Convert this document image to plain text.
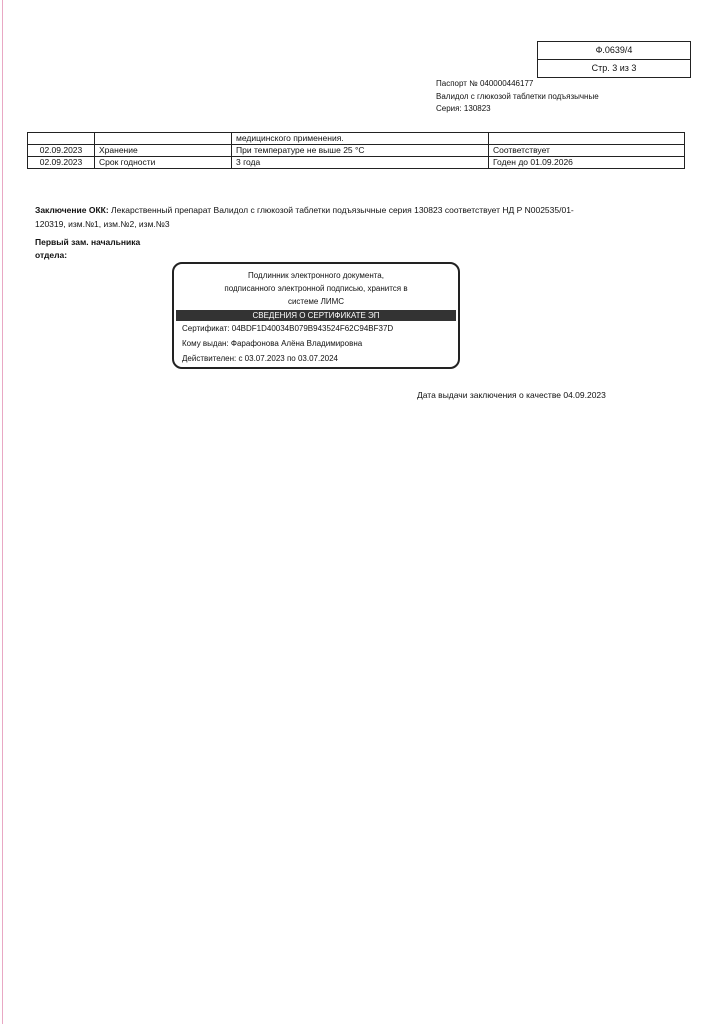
Ф.0639/4
Стр. 3 из 3
Паспорт № 040000446177
Валидол с глюкозой таблетки подъязычные
Серия: 130823
		медицинского применения.	
02.09.2023	Хранение	При температуре не выше 25 °С	Соответствует
02.09.2023	Срок годности	3 года	Годен до 01.09.2026
Заключение ОКК: Лекарственный препарат Валидол с глюкозой таблетки подъязычные серия 130823 соответствует НД Р N002535/01-120319, изм.№1, изм.№2, изм.№3
Первый зам. начальника
отдела:
Подлинник электронного документа,
подписанного электронной подписью, хранится в
системе ЛИМС
СВЕДЕНИЯ О СЕРТИФИКАТЕ ЭП
Сертификат: 04BDF1D40034B079B943524F62C94BF37D
Кому выдан: Фарафонова Алёна Владимировна
Действителен: с 03.07.2023 по 03.07.2024
Дата выдачи заключения о качестве 04.09.2023
